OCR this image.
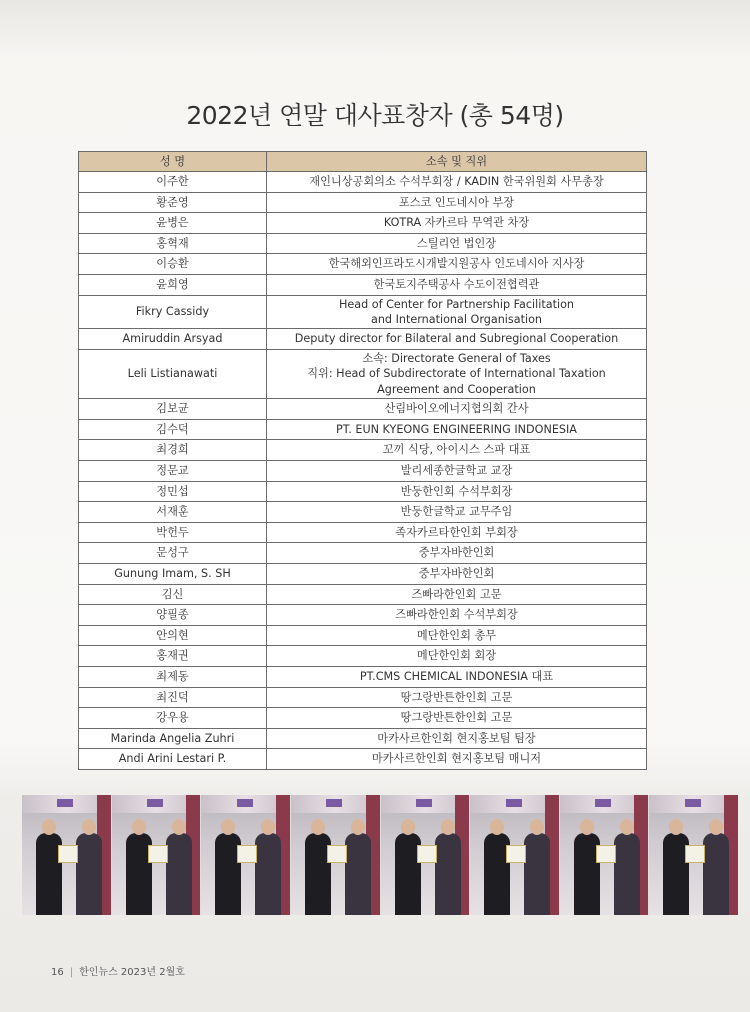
2022년 연말 대사표창자 (총 54명)
성 명	소속 및 직위
이주한	재인니상공회의소 수석부회장 / KADIN 한국위원회 사무총장
황준영	포스코 인도네시아 부장
윤병은	KOTRA 자카르타 무역관 차장
홍혁재	스틸리언 법인장
이승환	한국해외인프라도시개발지원공사 인도네시아 지사장
윤희영	한국토지주택공사 수도이전협력관
Fikry Cassidy	Head of Center for Partnership Facilitation
and International Organisation
Amiruddin Arsyad	Deputy director for Bilateral and Subregional Cooperation
Leli Listianawati	소속: Directorate General of Taxes
직위: Head of Subdirectorate of International Taxation
Agreement and Cooperation
김보균	산림바이오에너지협의회 간사
김수덕	PT. EUN KYEONG ENGINEERING INDONESIA
최경희	꼬끼 식당, 아이시스 스파 대표
정문교	발리세종한글학교 교장
정민섭	반둥한인회 수석부회장
서재훈	반둥한글학교 교무주임
박헌두	족자카르타한인회 부회장
문성구	중부자바한인회
Gunung Imam, S. SH	중부자바한인회
김신	즈빠라한인회 고문
양필종	즈빠라한인회 수석부회장
안의현	메단한인회 총무
홍재권	메단한인회 회장
최제동	PT.CMS CHEMICAL INDONESIA 대표
최진덕	땅그랑반튼한인회 고문
강우용	땅그랑반튼한인회 고문
Marinda Angelia Zuhri	마카사르한인회 현지홍보팀 팀장
Andi Arini Lestari P.	마카사르한인회 현지홍보팀 매니저
16 | 한인뉴스 2023년 2월호
